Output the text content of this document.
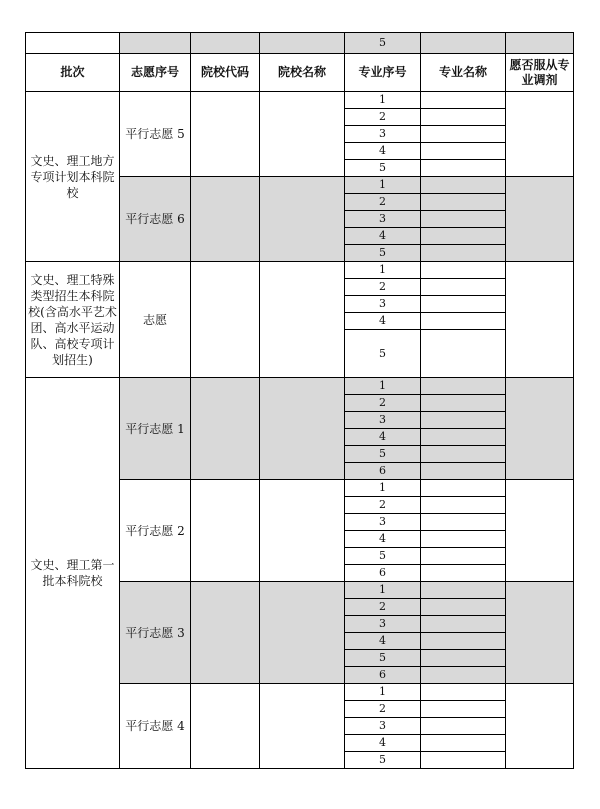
				5		
批次	志愿序号	院校代码	院校名称	专业序号	专业名称	愿否服从专业调剂
文史、理工地方专项计划本科院校	平行志愿 5			1		
				2		
				3		
				4		
				5		
	平行志愿 6			1		
				2		
				3		
				4		
				5		
文史、理工特殊类型招生本科院校(含高水平艺术团、高水平运动队、高校专项计划招生)	志愿			1		
				2		
				3		
				4		
				5		
文史、理工第一批本科院校	平行志愿 1			1		
				2		
				3		
				4		
				5		
				6		
	平行志愿 2			1		
				2		
				3		
				4		
				5		
				6		
	平行志愿 3			1		
				2		
				3		
				4		
				5		
				6		
	平行志愿 4			1		
				2		
				3		
				4		
				5		
